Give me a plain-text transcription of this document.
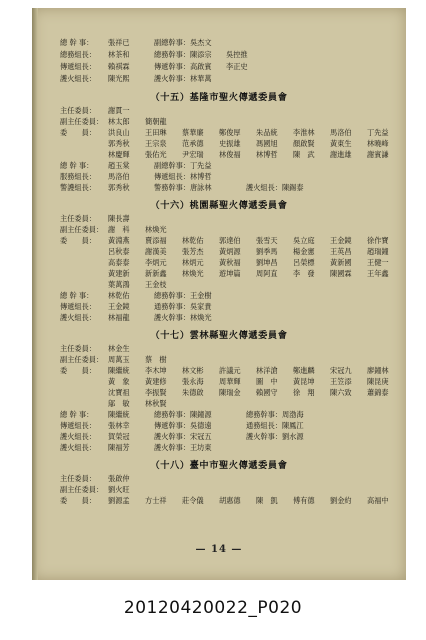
總 幹 事： 張祥已	副總幹事：吳杰文
總務組長： 林茶和	總務幹事：陳添宗 吳控推
傳遞組長： 賴祺霖	傳遞幹事：高啟賓 李正史
護火組長： 陳光熙	護火幹事：林華萬
（十五）基隆市聖火傳遞委員會
主任委員： 謝貫一
副主任委員： 林太郎 簡朝龍
委　　員： 洪良山 王田琳 蔡華廉 鄭俊厚 朱品統 李淮林 馬洛伯 丁先益
郭秀秋 王宗泉 范承德 史振雄 馮國旭 顏啟賢 黃東生 林曉峰
林慶輝 張佑光 尹宏瑞 林俊福 林博哲 陳　武 謝進雄 謝賓謙
總 幹 事： 趙玉棠	副總幹事：丁先益
服務組長： 馬洛伯	傳遞組長：林博哲
警護組長： 郭秀秋	警務幹事：唐詠林	護火組長：陳錫泰
（十六）桃園縣聖火傳遞委員會
主任委員： 陳長壽
副主任委員： 謝　科 林煥光
委　　員： 黃淵燕 賣添福 林乾佑 郭達伯 張雪天 吳立庭 王金鏡 徐作寶
呂秋泰 謝漢美 張芳杰 黃炳源 劉季馬 楊金憲 王英昌 趙瑞鐘
高泰泰 李炳元 林炳元 黃秋福 劉坤昌 呂榮標 黃新國 王健一
黃建新 新新鑫 林煥光 遊坤篇 周阿直 李　發 陳國霖 王年鑫
葉萬鴻 王金枝
總 幹 事： 林乾佑	總務幹事：王金樹
傳遞組長： 王金鏡	通務幹事：吳家貴
護火組長： 林福龍	護火幹事：林煥光
（十七）雲林縣聖火傳遞委員會
主任委員： 林金生
副主任委員： 周萬玉 蔡　樹
委　　員： 陳繼統 李木坤 林文彬 許議元 林洋滄 鄭進麟 宋冠九 廖鐘林
黃　象 黃建修 張永海 周華輝 圖　中 黃昆坤 王笠添 陳昆庚
沈寶祖 李振賢 朱德啟 陳瑞金 賴國守 徐　翔 陳六致 蕭錦泰
鄔　敏 林秋賢
總 幹 事： 陳繼統	總務幹事：陳鐘源	總務幹事：周渤海
傳遞組長： 張林幸	傳遞幹事：吳德遠	通務組長：陳鳳江
護火組長： 賀榮冠	護火幹事：宋冠五	護火幹事：劉水源
護火組長： 陳福芳	護火幹事：王坊東
（十八）臺中市聖火傳遞委員會
主任委員： 張啟仲
副主任委員： 劉火旺
委　　員： 劉源孟 方士祥 莊令儀 胡惠德 陳　凱 傅有德 劉金約 高福中
— 14 —
20120420022_P020
